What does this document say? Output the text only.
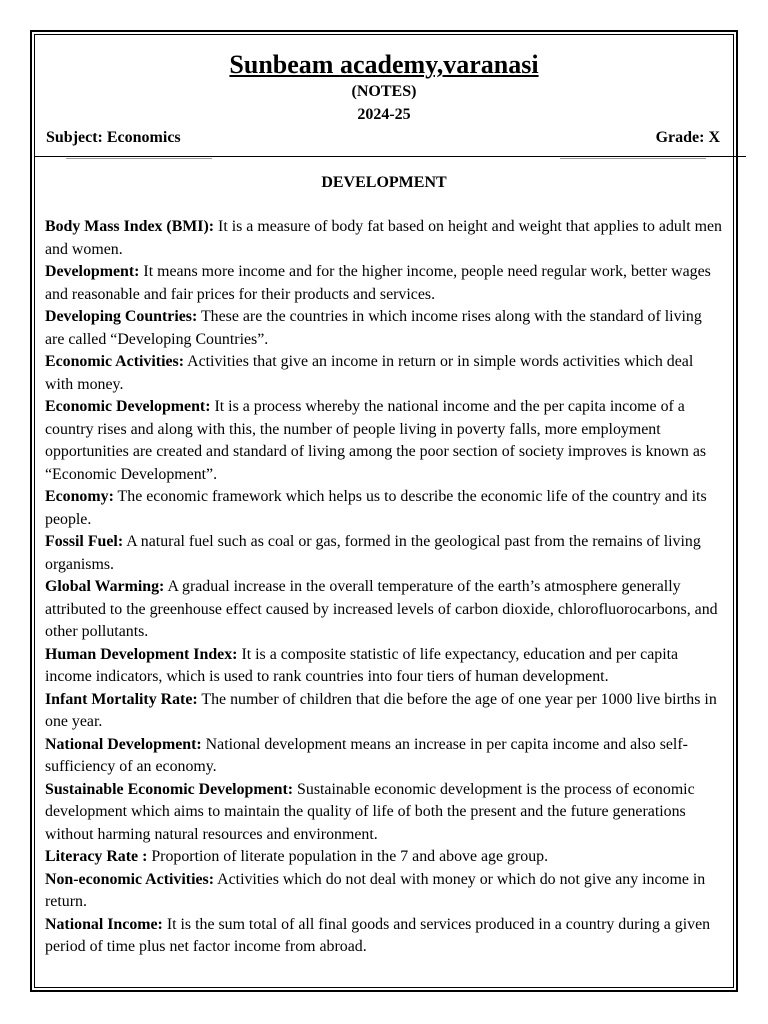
Sunbeam academy,varanasi
(NOTES)
2024-25
Subject: Economics	Grade: X
DEVELOPMENT
Body Mass Index (BMI): It is a measure of body fat based on height and weight that applies to adult men and women.
Development: It means more income and for the higher income, people need regular work, better wages and reasonable and fair prices for their products and services.
Developing Countries: These are the countries in which income rises along with the standard of living are called “Developing Countries”.
Economic Activities: Activities that give an income in return or in simple words activities which deal with money.
Economic Development: It is a process whereby the national income and the per capita income of a country rises and along with this, the number of people living in poverty falls, more employment opportunities are created and standard of living among the poor section of society improves is known as “Economic Development”.
Economy: The economic framework which helps us to describe the economic life of the country and its people.
Fossil Fuel: A natural fuel such as coal or gas, formed in the geological past from the remains of living organisms.
Global Warming: A gradual increase in the overall temperature of the earth’s atmosphere generally attributed to the greenhouse effect caused by increased levels of carbon dioxide, chlorofluorocarbons, and other pollutants.
Human Development Index: It is a composite statistic of life expectancy, education and per capita income indicators, which is used to rank countries into four tiers of human development.
Infant Mortality Rate: The number of children that die before the age of one year per 1000 live births in one year.
National Development: National development means an increase in per capita income and also self-sufficiency of an economy.
Sustainable Economic Development: Sustainable economic development is the process of economic development which aims to maintain the quality of life of both the present and the future generations without harming natural resources and environment.
Literacy Rate : Proportion of literate population in the 7 and above age group.
Non-economic Activities: Activities which do not deal with money or which do not give any income in return.
National Income: It is the sum total of all final goods and services produced in a country during a given period of time plus net factor income from abroad.
